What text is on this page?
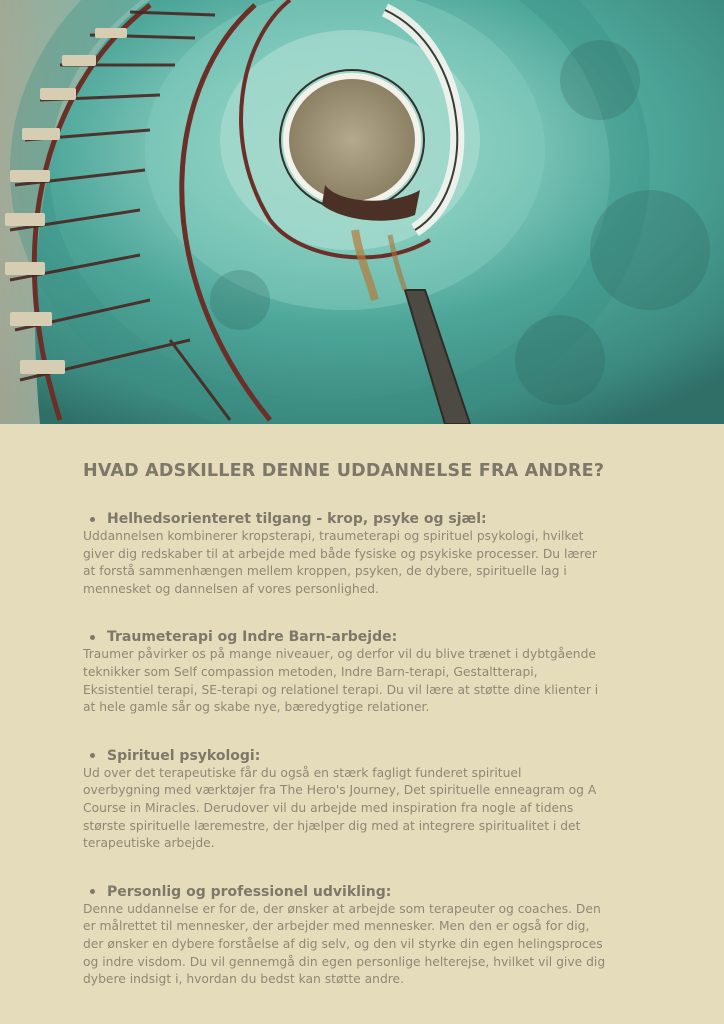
HVAD ADSKILLER DENNE UDDANNELSE FRA ANDRE?
Helhedsorienteret tilgang - krop, psyke og sjæl:
Uddannelsen kombinerer kropsterapi, traumeterapi og spirituel psykologi, hvilket
giver dig redskaber til at arbejde med både fysiske og psykiske processer. Du lærer
at forstå sammenhængen mellem kroppen, psyken, de dybere, spirituelle lag i
mennesket og dannelsen af vores personlighed.
Traumeterapi og Indre Barn-arbejde:
Traumer påvirker os på mange niveauer, og derfor vil du blive trænet i dybtgående
teknikker som Self compassion metoden, Indre Barn-terapi, Gestaltterapi,
Eksistentiel terapi, SE-terapi og relationel terapi. Du vil lære at støtte dine klienter i
at hele gamle sår og skabe nye, bæredygtige relationer.
Spirituel psykologi:
Ud over det terapeutiske får du også en stærk fagligt funderet spirituel
overbygning med værktøjer fra The Hero's Journey, Det spirituelle enneagram og A
Course in Miracles. Derudover vil du arbejde med inspiration fra nogle af tidens
største spirituelle læremestre, der hjælper dig med at integrere spiritualitet i det
terapeutiske arbejde.
Personlig og professionel udvikling:
Denne uddannelse er for de, der ønsker at arbejde som terapeuter og coaches. Den
er målrettet til mennesker, der arbejder med mennesker. Men den er også for dig,
der ønsker en dybere forståelse af dig selv, og den vil styrke din egen helingsproces
og indre visdom. Du vil gennemgå din egen personlige helterejse, hvilket vil give dig
dybere indsigt i, hvordan du bedst kan støtte andre.
